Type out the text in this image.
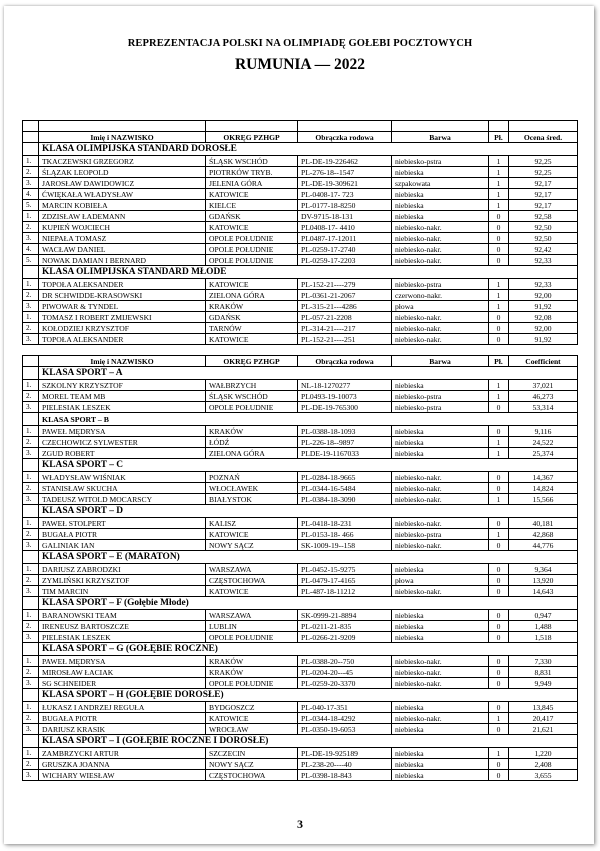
REPREZENTACJA POLSKI NA OLIMPIADĘ GOŁEBI POCZTOWYCH
RUMUNIA — 2022

	Imię i NAZWISKO	OKRĘG PZHGP	Obrączka rodowa	Barwa	Pł.	Ocena śred.
	KLASA OLIMPIJSKA STANDARD DOROSŁE					
1.	TKACZEWSKI GRZEGORZ	ŚLĄSK WSCHÓD	PL-DE-19-226462	niebiesko-pstra	1	92,25
2.	ŚLĄZAK LEOPOLD	PIOTRKÓW TRYB.	PL-276-18--1547	niebieska	1	92,25
3.	JAROSŁAW DAWIDOWICZ	JELENIA GÓRA	PL-DE-19-309621	szpakowata	1	92,17
4.	ĆWIĘKAŁA WŁADYSŁAW	KATOWICE	PL-0408-17- 723	niebieska	1	92,17
5.	MARCIN KOBIEŁA	KIELCE	PL-0177-18-8250	niebieska	1	92,17
1.	ZDZISŁAW ŁADEMANN	GDAŃSK	DV-9715-18-131	niebieska	0	92,58
2.	KUPIEŃ WOJCIECH	KATOWICE	PL0408-17- 4410	niebiesko-nakr.	0	92,50
3.	NIEPAŁA TOMASZ	OPOLE POŁUDNIE	PL0487-17-12011	niebiesko-nakr.	0	92,50
4.	WACŁAW DANIEL	OPOLE POŁUDNIE	PL-0259-17-2740	niebiesko-nakr.	0	92,42
5.	NOWAK DAMIAN I BERNARD	OPOLE POŁUDNIE	PL-0259-17-2203	niebiesko-nakr.	0	92,33
	KLASA OLIMPIJSKA STANDARD MŁODE					
1.	TOPOŁA ALEKSANDER	KATOWICE	PL-152-21----279	niebiesko-pstra	1	92,33
2.	DR SCHWIDDE-KRASOWSKI	ZIELONA GÓRA	PL-0361-21-2067	czerwono-nakr.	1	92,00
3.	PIWOWAR & TYNDEL	KRAKÓW	PL-315-21---4286	płowa	1	91,92
1.	TOMASZ I ROBERT ZMIJEWSKI	GDAŃSK	PL-057-21-2208	niebiesko-nakr.	0	92,08
2.	KOŁODZIEJ KRZYSZTOF	TARNÓW	PL-314-21----217	niebiesko-nakr.	0	92,00
3.	TOPOŁA ALEKSANDER	KATOWICE	PL-152-21----251	niebiesko-nakr.	0	91,92
	Imię i NAZWISKO	OKRĘG PZHGP	Obrączka rodowa	Barwa	Pł.	Coefficient
	KLASA SPORT – A					
1.	SZKOLNY KRZYSZTOF	WAŁBRZYCH	NL-18-1270277	niebieska	1	37,021
2.	MOREL TEAM MB	ŚLĄSK WSCHÓD	PL0493-19-10073	niebiesko-pstra	1	46,273
3.	PIELESIAK LESZEK	OPOLE POŁUDNIE	PL-DE-19-765300	niebiesko-pstra	0	53,314
	KLASA SPORT – B					
1.	PAWEŁ MĘDRYSA	KRAKÓW	PL-0388-18-1093	niebieska	0	9,116
2.	CZECHOWICZ SYLWESTER	ŁÓDŹ	PL-226-18--9897	niebieska	1	24,522
3.	ZGUD ROBERT	ZIELONA GÓRA	PLDE-19-1167033	niebieska	1	25,374
	KLASA SPORT – C					
1.	WŁADYSŁAW WIŚNIAK	POZNAŃ	PL-0284-18-9665	niebiesko-nakr.	0	14,367
2.	STANISŁAW SKUCHA	WŁOCŁAWEK	PL-0344-16-5484	niebiesko-nakr.	0	14,824
3.	TADEUSZ WITOLD MOCARSCY	BIAŁYSTOK	PL-0384-18-3090	niebiesko-nakr.	1	15,566
	KLASA SPORT – D					
1.	PAWEŁ STOLPERT	KALISZ	PL-0418-18-231	niebiesko-nakr.	0	40,181
2.	BUGAŁA PIOTR	KATOWICE	PL-0153-18- 466	niebiesko-pstra	1	42,868
3.	GALINIAK IAN	NOWY SĄCZ	SK-1009-19--158	niebiesko-nakr.	0	44,776
	KLASA SPORT – E (MARATON)					
1.	DARIUSZ ZABRODZKI	WARSZAWA	PL-0452-15-9275	niebieska	0	9,364
2.	ZYMLIŃSKI KRZYSZTOF	CZĘSTOCHOWA	PL-0479-17-4165	płowa	0	13,920
3.	TIM MARCIN	KATOWICE	PL-487-18-11212	niebiesko-nakr.	0	14,643
	KLASA SPORT – F (Gołębie Młode)					
1.	BARANOWSKI TEAM	WARSZAWA	SK-0999-21-8894	niebieska	0	0,947
2.	IRENEUSZ BARTOSZCZE	LUBLIN	PL-0211-21-835	niebieska	0	1,488
3.	PIELESIAK LESZEK	OPOLE POŁUDNIE	PL-0266-21-9209	niebieska	0	1,518
	KLASA SPORT – G (GOŁĘBIE ROCZNE)					
1.	PAWEŁ MĘDRYSA	KRAKÓW	PL-0388-20--750	niebiesko-nakr.	0	7,330
2.	MIROSŁAW ŁACIAK	KRAKÓW	PL-0204-20---45	niebiesko-nakr.	0	8,831
3.	SG SCHNEIDER	OPOLE POŁUDNIE	PL-0259-20-3370	niebiesko-nakr.	0	9,949
	KLASA SPORT – H (GOŁĘBIE DOROSŁE)					
1.	ŁUKASZ I ANDRZEJ REGUŁA	BYDGOSZCZ	PL-040-17-351	niebieska	0	13,845
2.	BUGAŁA PIOTR	KATOWICE	PL-0344-18-4292	niebiesko-nakr.	1	20,417
3.	DARIUSZ KRASIK	WROCŁAW	PL-0350-19-6053	niebieska	0	21,621
	KLASA SPORT – I (GOŁĘBIE ROCZNE I DOROSŁE)					
1.	ZAMBRZYCKI ARTUR	SZCZECIN	PL-DE-19-925189	niebieska	1	1,220
2.	GRUSZKA JOANNA	NOWY SĄCZ	PL-238-20----40	niebieska	0	2,408
3.	WICHARY WIESŁAW	CZĘSTOCHOWA	PL-0398-18-843	niebieska	0	3,655
3
